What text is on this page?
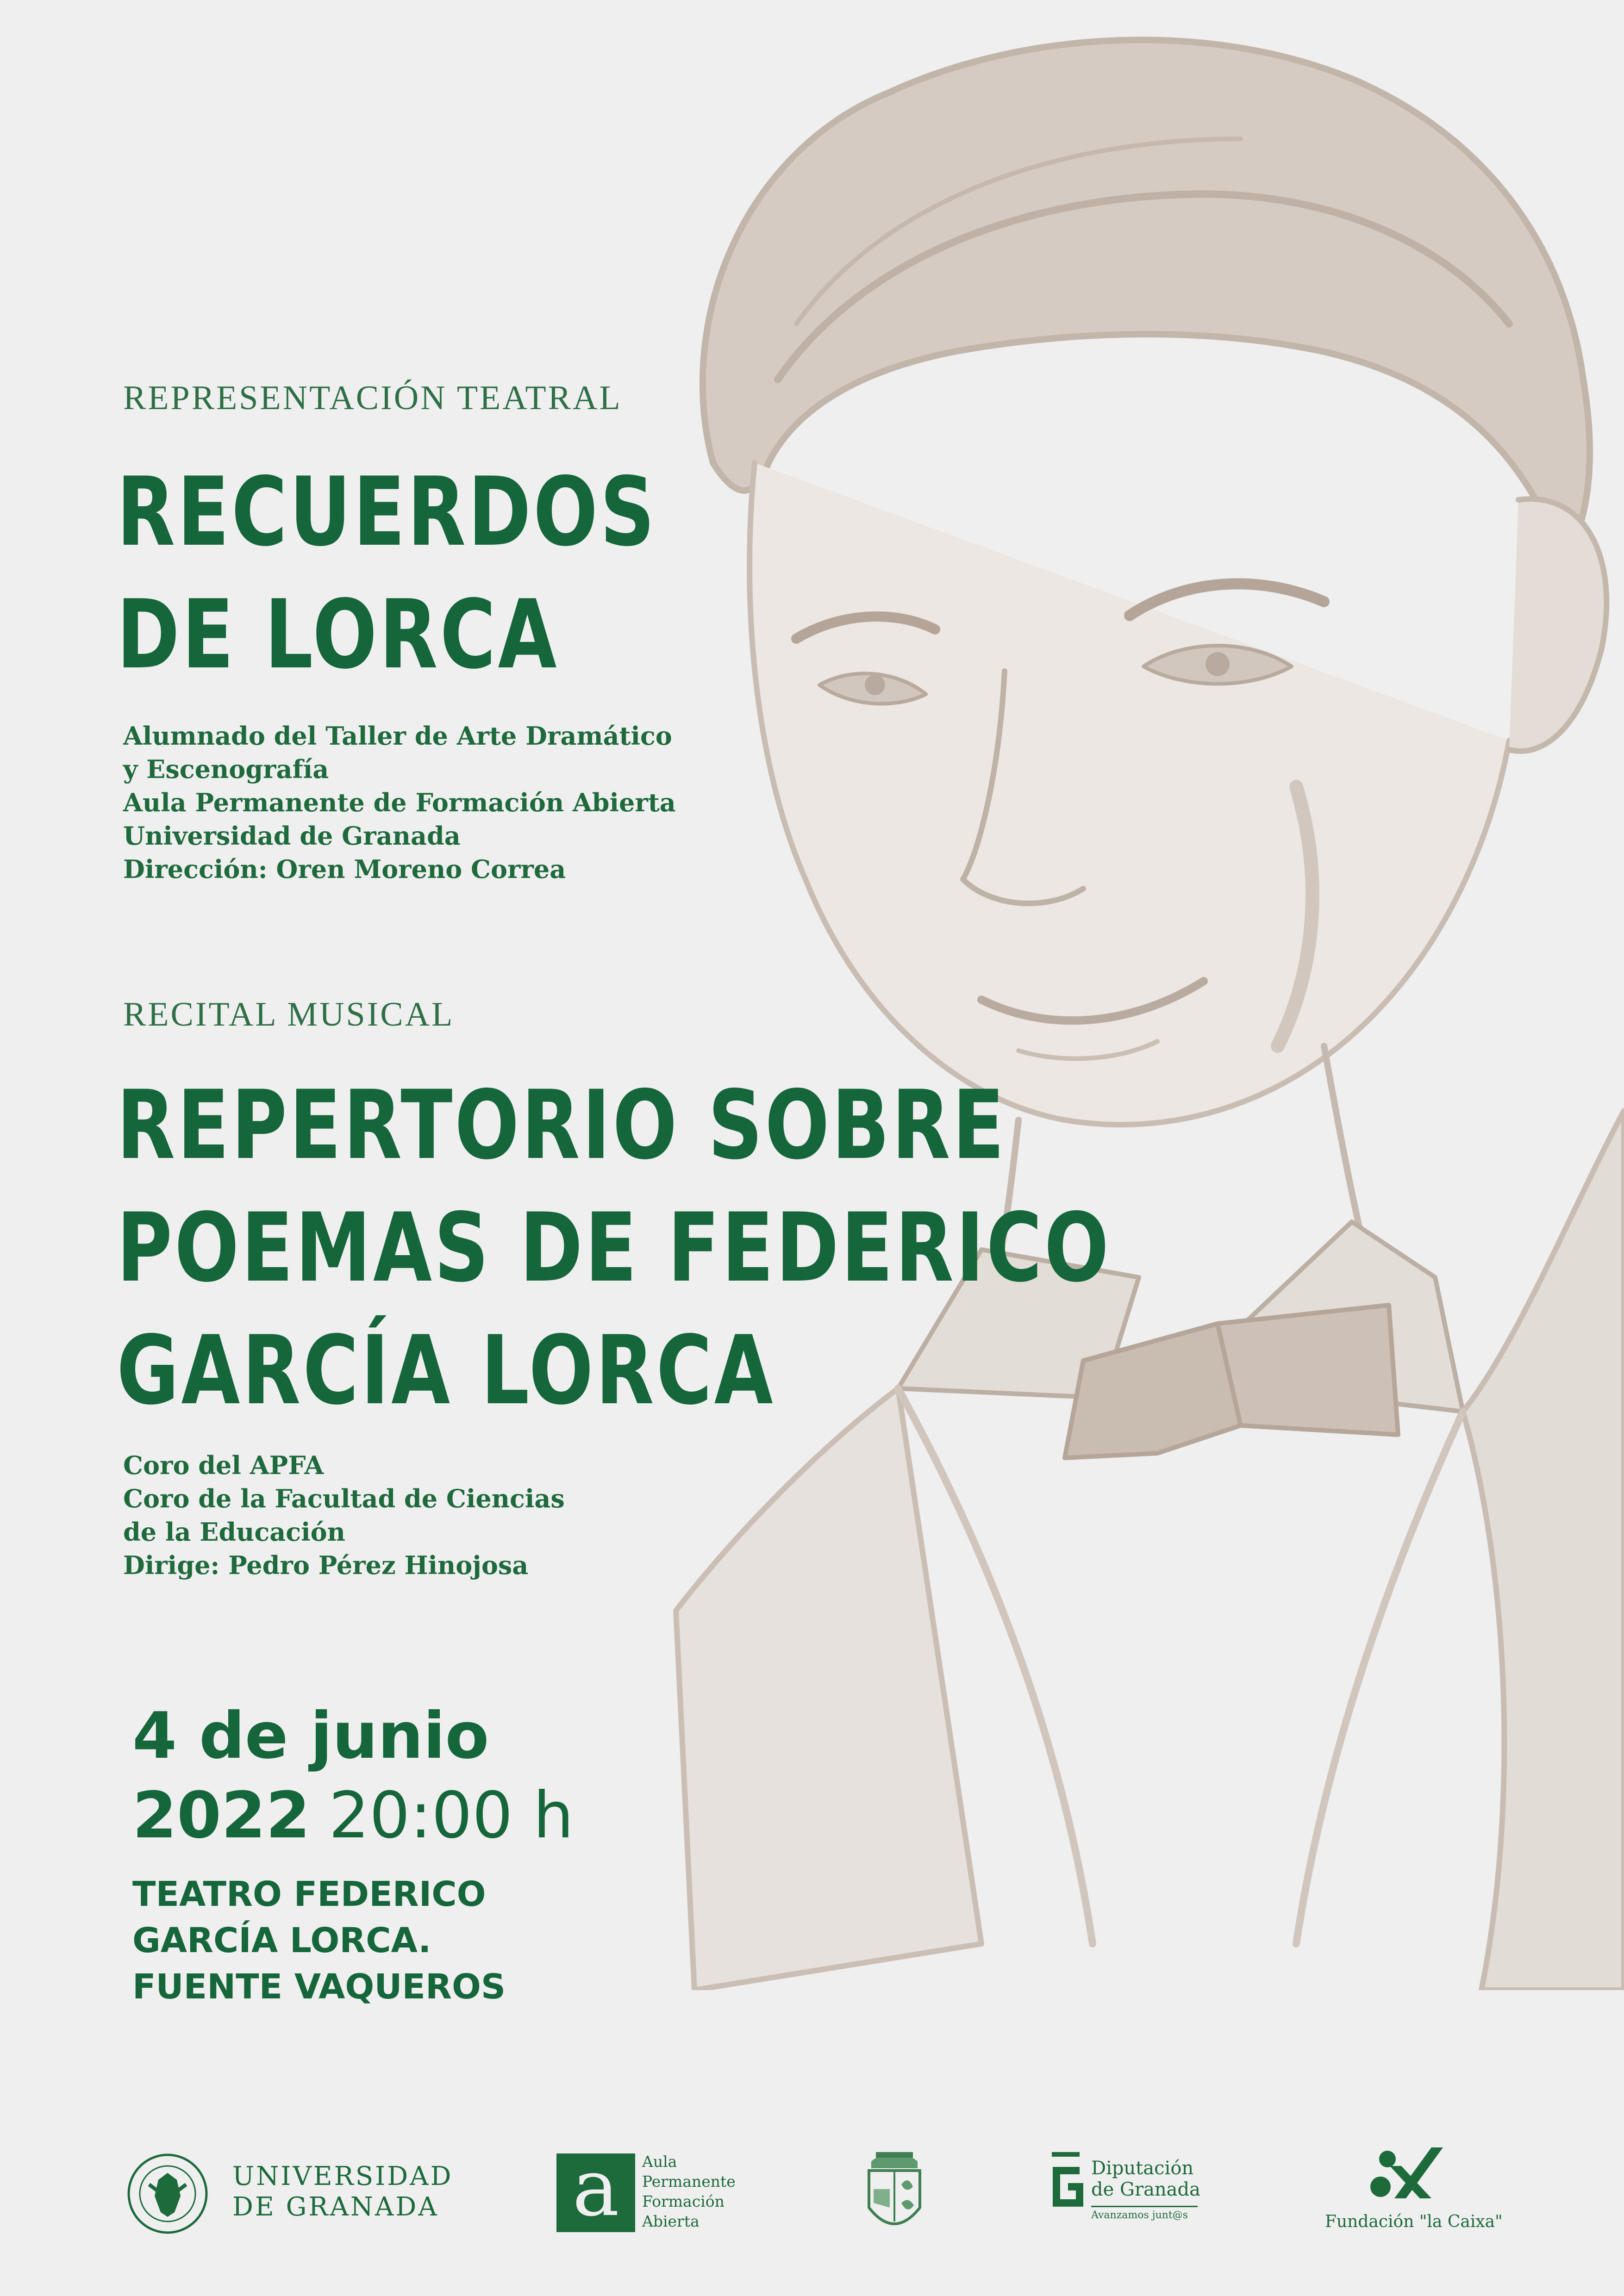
REPRESENTACIÓN TEATRAL
RECUERDOS
DE LORCA
Alumnado del Taller de Arte Dramático
y Escenografía
Aula Permanente de Formación Abierta
Universidad de Granada
Dirección: Oren Moreno Correa
RECITAL MUSICAL
REPERTORIO SOBRE
POEMAS DE FEDERICO
GARCÍA LORCA
Coro del APFA
Coro de la Facultad de Ciencias
de la Educación
Dirige: Pedro Pérez Hinojosa
4 de junio
2022 20:00 h
TEATRO FEDERICO
GARCÍA LORCA.
FUENTE VAQUEROS
UNIVERSIDAD
DE GRANADA a	Aula
Permanente
Formación
Abierta
Diputación
de Granada
Avanzamos junt@s	Fundación "la Caixa"
